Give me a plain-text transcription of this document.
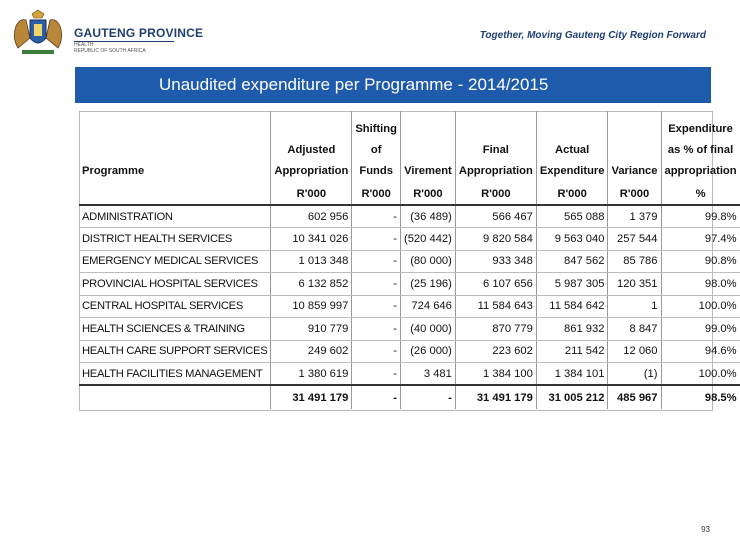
GAUTENG PROVINCE
HEALTH
REPUBLIC OF SOUTH AFRICA
Together, Moving Gauteng City Region Forward
Unaudited expenditure per Programme - 2014/2015
Programme	Adjusted Appropriation	Shifting of Funds	Virement	Final Appropriation	Actual Expenditure	Variance	Expenditure as % of final appropriation
	R'000	R'000	R'000	R'000	R'000	R'000	%
ADMINISTRATION	602 956	-	(36 489)	566 467	565 088	1 379	99.8%
DISTRICT HEALTH SERVICES	10 341 026	-	(520 442)	9 820 584	9 563 040	257 544	97.4%
EMERGENCY MEDICAL SERVICES	1 013 348	-	(80 000)	933 348	847 562	85 786	90.8%
PROVINCIAL HOSPITAL SERVICES	6 132 852	-	(25 196)	6 107 656	5 987 305	120 351	98.0%
CENTRAL HOSPITAL SERVICES	10 859 997	-	724 646	11 584 643	11 584 642	1	100.0%
HEALTH SCIENCES & TRAINING	910 779	-	(40 000)	870 779	861 932	8 847	99.0%
HEALTH CARE SUPPORT SERVICES	249 602	-	(26 000)	223 602	211 542	12 060	94.6%
HEALTH FACILITIES MANAGEMENT	1 380 619	-	3 481	1 384 100	1 384 101	(1)	100.0%
	31 491 179	-	-	31 491 179	31 005 212	485 967	98.5%
93
